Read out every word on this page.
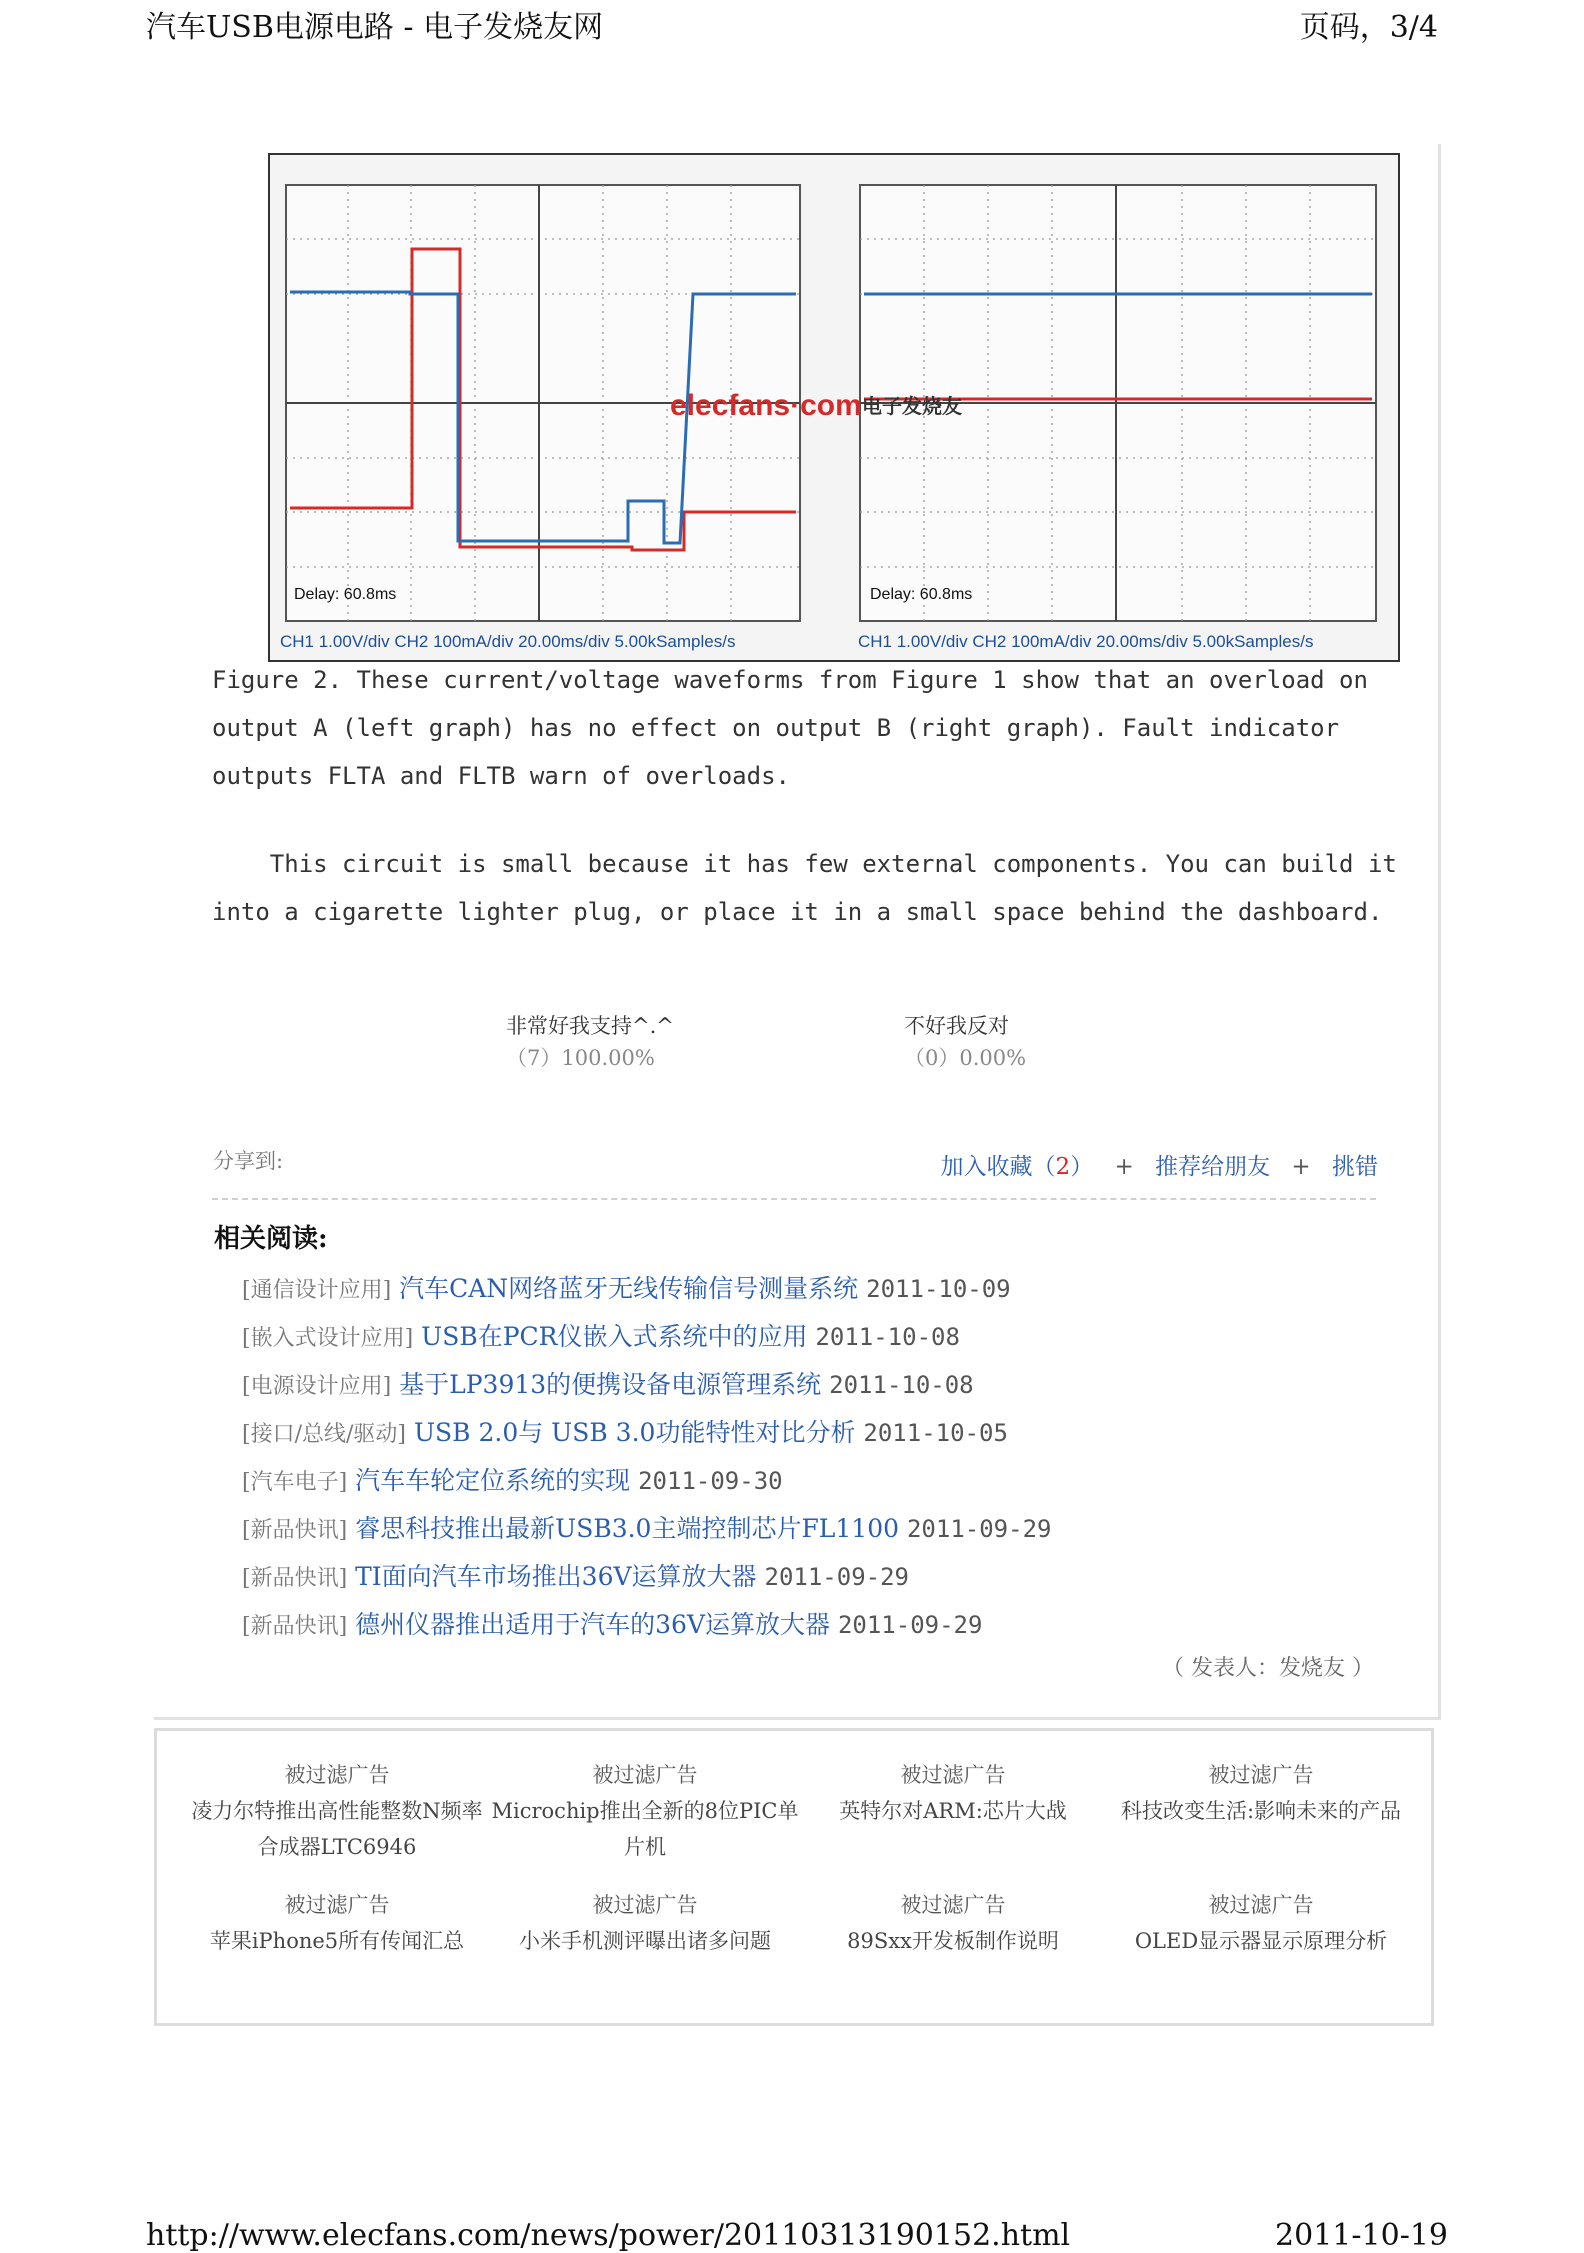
汽车USB电源电路 - 电子发烧友网	页码，3/4
Delay: 60.8ms
CH1 1.00V/div CH2 100mA/div 20.00ms/div 5.00kSamples/s
Delay: 60.8ms
CH1 1.00V/div CH2 100mA/div 20.00ms/div 5.00kSamples/s
elecfans·com 电子发烧友
Figure 2. These current/voltage waveforms from Figure 1 show that an overload on
output A (left graph) has no effect on output B (right graph). Fault indicator
outputs FLTA and FLTB warn of overloads.
This circuit is small because it has few external components. You can build it
into a cigarette lighter plug, or place it in a small space behind the dashboard.
非常好我支持^.^
（7）100.00%
不好我反对
（0）0.00%
分享到:	加入收藏（2） + 推荐给朋友 + 挑错
相关阅读:
[通信设计应用] 汽车CAN网络蓝牙无线传输信号测量系统 2011-10-09
[嵌入式设计应用] USB在PCR仪嵌入式系统中的应用 2011-10-08
[电源设计应用] 基于LP3913的便携设备电源管理系统 2011-10-08
[接口/总线/驱动] USB 2.0与 USB 3.0功能特性对比分析 2011-10-05
[汽车电子] 汽车车轮定位系统的实现 2011-09-30
[新品快讯] 睿思科技推出最新USB3.0主端控制芯片FL1100 2011-09-29
[新品快讯] TI面向汽车市场推出36V运算放大器 2011-09-29
[新品快讯] 德州仪器推出适用于汽车的36V运算放大器 2011-09-29
（ 发表人：发烧友 ）
被过滤广告
凌力尔特推出高性能整数N频率合成器LTC6946
被过滤广告
Microchip推出全新的8位PIC单片机
被过滤广告
英特尔对ARM:芯片大战
被过滤广告
科技改变生活:影响未来的产品
被过滤广告
苹果iPhone5所有传闻汇总
被过滤广告
小米手机测评曝出诸多问题
被过滤广告
89Sxx开发板制作说明
被过滤广告
OLED显示器显示原理分析
http://www.elecfans.com/news/power/20110313190152.html	2011-10-19
